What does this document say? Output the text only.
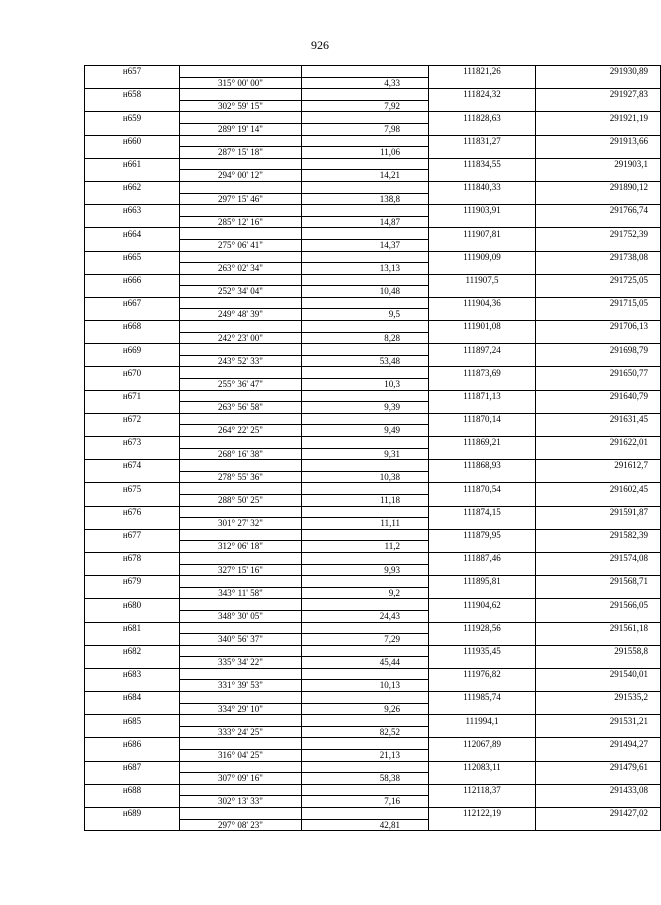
926
н657			111821,26	291930,89
	315° 00' 00"	4,33		
н658			111824,32	291927,83
	302° 59' 15"	7,92		
н659			111828,63	291921,19
	289° 19' 14"	7,98		
н660			111831,27	291913,66
	287° 15' 18"	11,06		
н661			111834,55	291903,1
	294° 00' 12"	14,21		
н662			111840,33	291890,12
	297° 15' 46"	138,8		
н663			111903,91	291766,74
	285° 12' 16"	14,87		
н664			111907,81	291752,39
	275° 06' 41"	14,37		
н665			111909,09	291738,08
	263° 02' 34"	13,13		
н666			111907,5	291725,05
	252° 34' 04"	10,48		
н667			111904,36	291715,05
	249° 48' 39"	9,5		
н668			111901,08	291706,13
	242° 23' 00"	8,28		
н669			111897,24	291698,79
	243° 52' 33"	53,48		
н670			111873,69	291650,77
	255° 36' 47"	10,3		
н671			111871,13	291640,79
	263° 56' 58"	9,39		
н672			111870,14	291631,45
	264° 22' 25"	9,49		
н673			111869,21	291622,01
	268° 16' 38"	9,31		
н674			111868,93	291612,7
	278° 55' 36"	10,38		
н675			111870,54	291602,45
	288° 50' 25"	11,18		
н676			111874,15	291591,87
	301° 27' 32"	11,11		
н677			111879,95	291582,39
	312° 06' 18"	11,2		
н678			111887,46	291574,08
	327° 15' 16"	9,93		
н679			111895,81	291568,71
	343° 11' 58"	9,2		
н680			111904,62	291566,05
	348° 30' 05"	24,43		
н681			111928,56	291561,18
	340° 56' 37"	7,29		
н682			111935,45	291558,8
	335° 34' 22"	45,44		
н683			111976,82	291540,01
	331° 39' 53"	10,13		
н684			111985,74	291535,2
	334° 29' 10"	9,26		
н685			111994,1	291531,21
	333° 24' 25"	82,52		
н686			112067,89	291494,27
	316° 04' 25"	21,13		
н687			112083,11	291479,61
	307° 09' 16"	58,38		
н688			112118,37	291433,08
	302° 13' 33"	7,16		
н689			112122,19	291427,02
	297° 08' 23"	42,81		
